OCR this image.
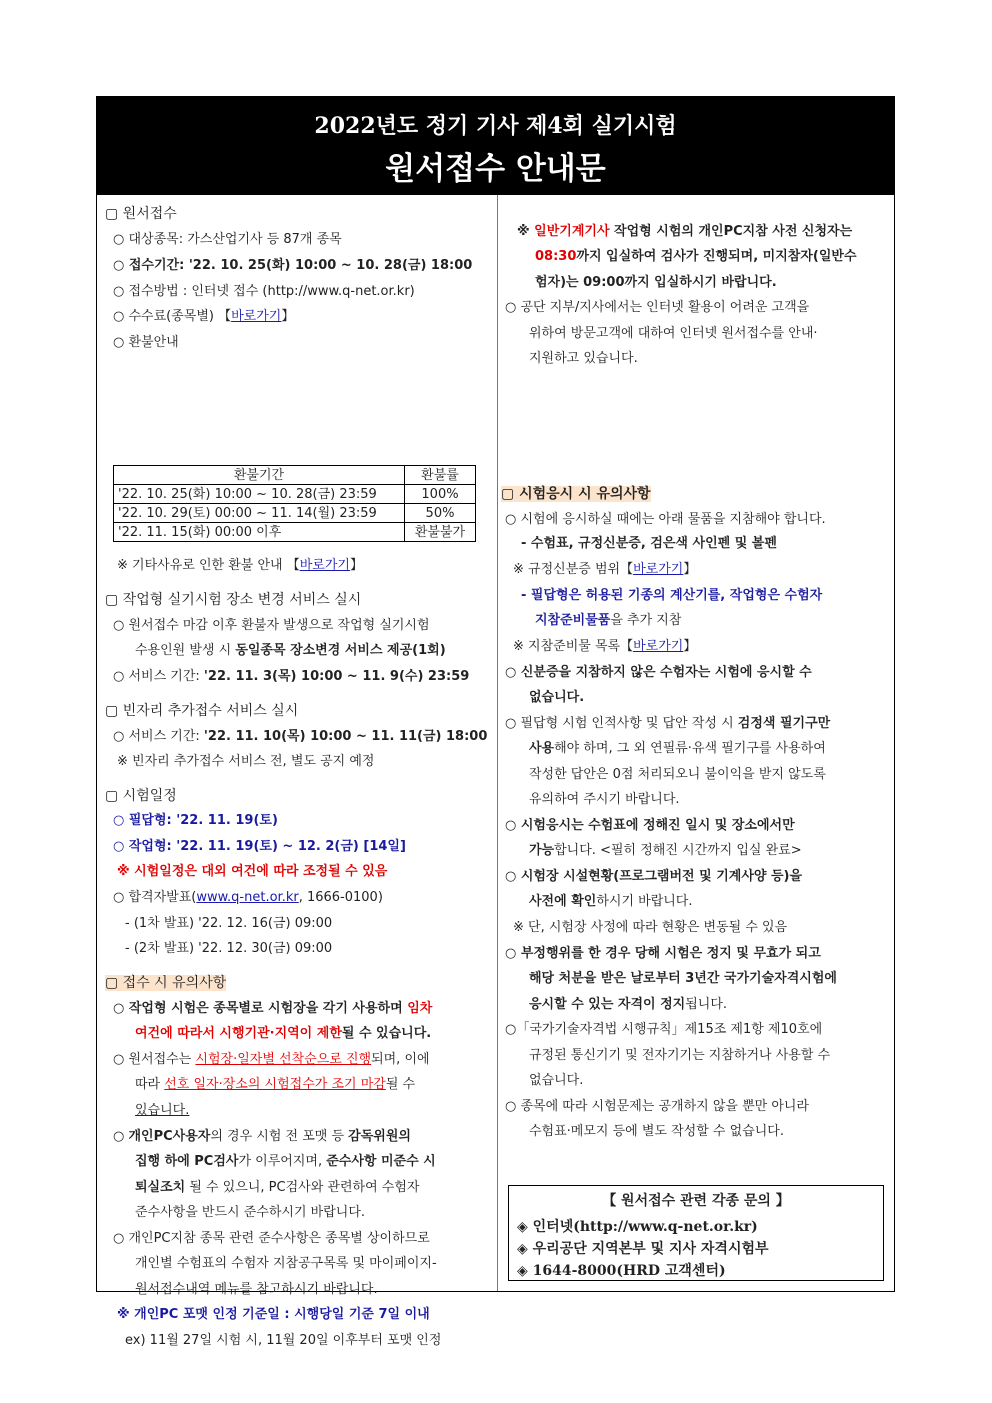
2022년도 정기 기사 제4회 실기시험
원서접수 안내문
▢ 원서접수
○ 대상종목: 가스산업기사 등 87개 종목
○ 접수기간: '22. 10. 25(화) 10:00 ~ 10. 28(금) 18:00
○ 접수방법 : 인터넷 접수 (http://www.q-net.or.kr)
○ 수수료(종목별) 【바로가기】
○ 환불안내
환불기간	환불률
'22. 10. 25(화) 10:00 ~ 10. 28(금) 23:59	100%
'22. 10. 29(토) 00:00 ~ 11. 14(월) 23:59	50%
'22. 11. 15(화) 00:00 이후	환불불가
※ 기타사유로 인한 환불 안내 【바로가기】
▢ 작업형 실기시험 장소 변경 서비스 실시
○ 원서접수 마감 이후 환불자 발생으로 작업형 실기시험
수용인원 발생 시 동일종목 장소변경 서비스 제공(1회)
○ 서비스 기간: '22. 11. 3(목) 10:00 ~ 11. 9(수) 23:59
▢ 빈자리 추가접수 서비스 실시
○ 서비스 기간: '22. 11. 10(목) 10:00 ~ 11. 11(금) 18:00
※ 빈자리 추가접수 서비스 전, 별도 공지 예정
▢ 시험일정
○ 필답형: '22. 11. 19(토)
○ 작업형: '22. 11. 19(토) ~ 12. 2(금) [14일]
※ 시험일정은 대외 여건에 따라 조정될 수 있음
○ 합격자발표(www.q-net.or.kr, 1666-0100)
- (1차 발표) '22. 12. 16(금) 09:00
- (2차 발표) '22. 12. 30(금) 09:00
▢ 접수 시 유의사항
○ 작업형 시험은 종목별로 시험장을 각기 사용하며 임차
여건에 따라서 시행기관·지역이 제한될 수 있습니다.
○ 원서접수는 시험장·일자별 선착순으로 진행되며, 이에
따라 선호 일자·장소의 시험접수가 조기 마감될 수
있습니다.
○ 개인PC사용자의 경우 시험 전 포맷 등 감독위원의
집행 하에 PC검사가 이루어지며, 준수사항 미준수 시
퇴실조치 될 수 있으니, PC검사와 관련하여 수험자
준수사항을 반드시 준수하시기 바랍니다.
○ 개인PC지참 종목 관련 준수사항은 종목별 상이하므로
개인별 수험표의 수험자 지참공구목록 및 마이페이지-
원서접수내역 메뉴를 참고하시기 바랍니다.
※ 개인PC 포맷 인정 기준일 : 시행당일 기준 7일 이내
ex) 11월 27일 시험 시, 11월 20일 이후부터 포맷 인정
※ 일반기계기사 작업형 시험의 개인PC지참 사전 신청자는
08:30까지 입실하여 검사가 진행되며, 미지참자(일반수
험자)는 09:00까지 입실하시기 바랍니다.
○ 공단 지부/지사에서는 인터넷 활용이 어려운 고객을
위하여 방문고객에 대하여 인터넷 원서접수를 안내·
지원하고 있습니다.
▢ 시험응시 시 유의사항
○ 시험에 응시하실 때에는 아래 물품을 지참해야 합니다.
- 수험표, 규정신분증, 검은색 사인펜 및 볼펜
※ 규정신분증 범위【바로가기】
- 필답형은 허용된 기종의 계산기를, 작업형은 수험자
지참준비물품을 추가 지참
※ 지참준비물 목록【바로가기】
○ 신분증을 지참하지 않은 수험자는 시험에 응시할 수
없습니다.
○ 필답형 시험 인적사항 및 답안 작성 시 검정색 필기구만
사용해야 하며, 그 외 연필류·유색 필기구를 사용하여
작성한 답안은 0점 처리되오니 불이익을 받지 않도록
유의하여 주시기 바랍니다.
○ 시험응시는 수험표에 정해진 일시 및 장소에서만
가능합니다. <필히 정해진 시간까지 입실 완료>
○ 시험장 시설현황(프로그램버전 및 기계사양 등)을
사전에 확인하시기 바랍니다.
※ 단, 시험장 사정에 따라 현황은 변동될 수 있음
○ 부정행위를 한 경우 당해 시험은 정지 및 무효가 되고
해당 처분을 받은 날로부터 3년간 국가기술자격시험에
응시할 수 있는 자격이 정지됩니다.
○「국가기술자격법 시행규칙」제15조 제1항 제10호에
규정된 통신기기 및 전자기기는 지참하거나 사용할 수
없습니다.
○ 종목에 따라 시험문제는 공개하지 않을 뿐만 아니라
수험표·메모지 등에 별도 작성할 수 없습니다.
【 원서접수 관련 각종 문의 】
◈ 인터넷(http://www.q-net.or.kr)
◈ 우리공단 지역본부 및 지사 자격시험부
◈ 1644-8000(HRD 고객센터)
